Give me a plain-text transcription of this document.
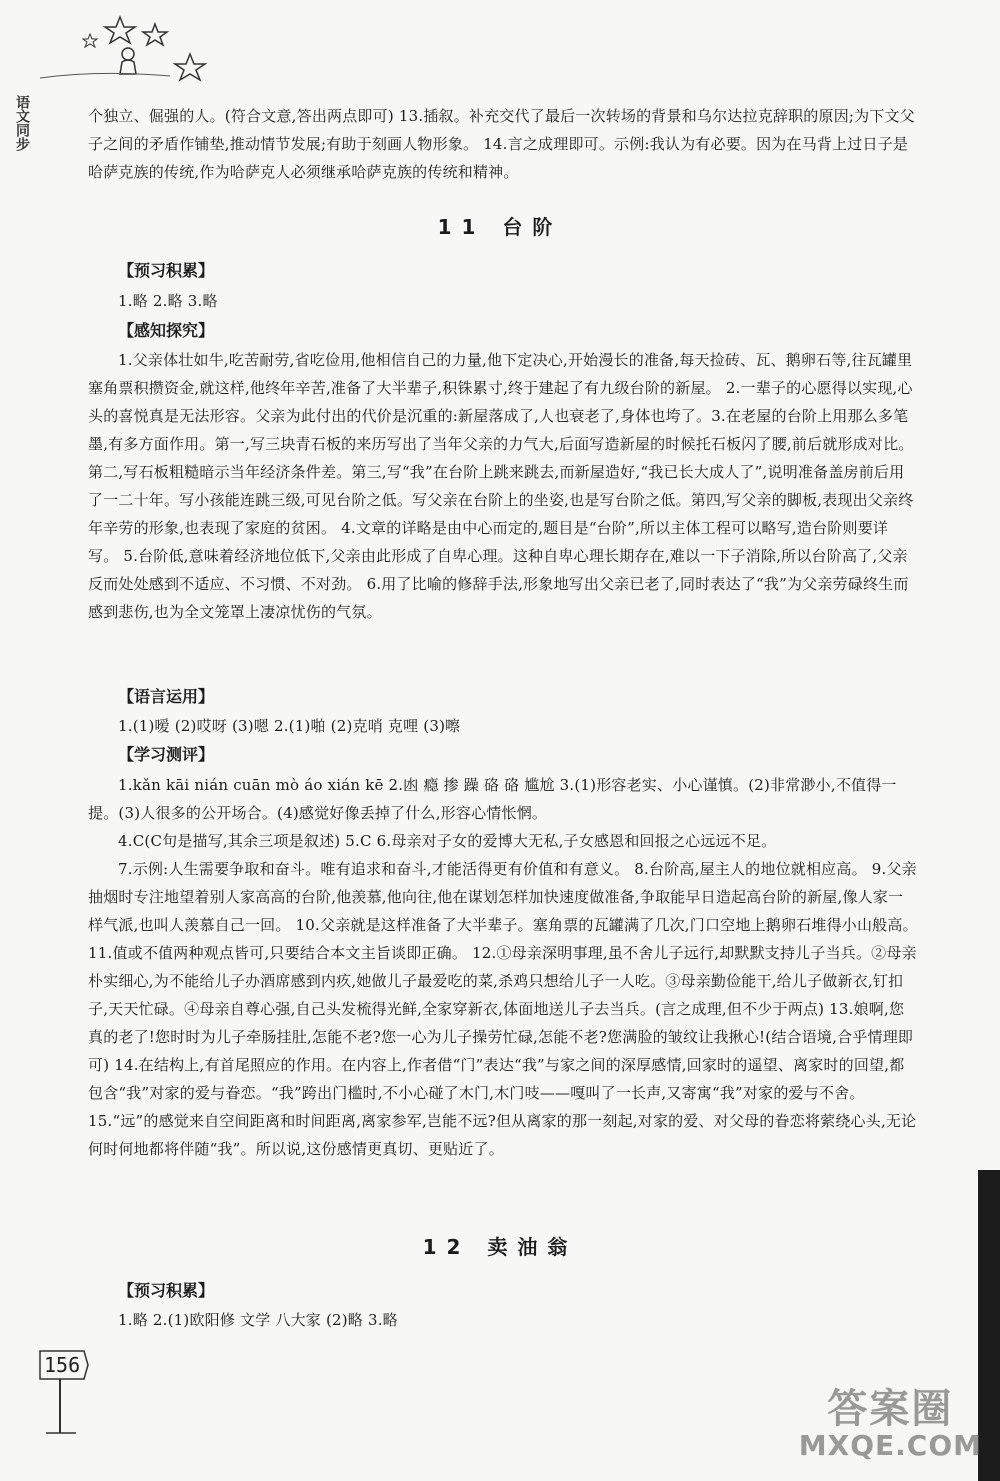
语文同步	个独立、倔强的人。(符合文意,答出两点即可) 13.插叙。补充交代了最后一次转场的背景和乌尔达拉克辞职的原因;为下文父子之间的矛盾作铺垫,推动情节发展;有助于刻画人物形象。 14.言之成理即可。示例:我认为有必要。因为在马背上过日子是哈萨克族的传统,作为哈萨克人必须继承哈萨克族的传统和精神。

11 台阶
【预习积累】
1.略 2.略 3.略
【感知探究】

1.父亲体壮如牛,吃苦耐劳,省吃俭用,他相信自己的力量,他下定决心,开始漫长的准备,每天捡砖、瓦、鹅卵石等,往瓦罐里塞角票积攒资金,就这样,他终年辛苦,准备了大半辈子,积铢累寸,终于建起了有九级台阶的新屋。 2.一辈子的心愿得以实现,心头的喜悦真是无法形容。父亲为此付出的代价是沉重的:新屋落成了,人也衰老了,身体也垮了。3.在老屋的台阶上用那么多笔墨,有多方面作用。第一,写三块青石板的来历写出了当年父亲的力气大,后面写造新屋的时候托石板闪了腰,前后就形成对比。第二,写石板粗糙暗示当年经济条件差。第三,写“我”在台阶上跳来跳去,而新屋造好,“我已长大成人了”,说明准备盖房前后用了一二十年。写小孩能连跳三级,可见台阶之低。写父亲在台阶上的坐姿,也是写台阶之低。第四,写父亲的脚板,表现出父亲终年辛劳的形象,也表现了家庭的贫困。 4.文章的详略是由中心而定的,题目是“台阶”,所以主体工程可以略写,造台阶则要详写。 5.台阶低,意味着经济地位低下,父亲由此形成了自卑心理。这种自卑心理长期存在,难以一下子消除,所以台阶高了,父亲反而处处感到不适应、不习惯、不对劲。 6.用了比喻的修辞手法,形象地写出父亲已老了,同时表达了“我”为父亲劳碌终生而感到悲伤,也为全文笼罩上凄凉忧伤的气氛。

【语言运用】
1.(1)嗳 (2)哎呀 (3)嗯 2.(1)啪 (2)克哨 克哩 (3)嚓
【学习测评】

1.kǎn kāi nián cuān mò áo xián kē 2.凼 瘾 掺 躁 硌 硌 尴尬 3.(1)形容老实、小心谨慎。(2)非常渺小,不值得一提。(3)人很多的公开场合。(4)感觉好像丢掉了什么,形容心情怅惘。

4.C(C句是描写,其余三项是叙述) 5.C 6.母亲对子女的爱博大无私,子女感恩和回报之心远远不足。

7.示例:人生需要争取和奋斗。唯有追求和奋斗,才能活得更有价值和有意义。 8.台阶高,屋主人的地位就相应高。 9.父亲抽烟时专注地望着别人家高高的台阶,他羡慕,他向往,他在谋划怎样加快速度做准备,争取能早日造起高台阶的新屋,像人家一样气派,也叫人羡慕自己一回。 10.父亲就是这样准备了大半辈子。塞角票的瓦罐满了几次,门口空地上鹅卵石堆得小山般高。 11.值或不值两种观点皆可,只要结合本文主旨谈即正确。 12.①母亲深明事理,虽不舍儿子远行,却默默支持儿子当兵。②母亲朴实细心,为不能给儿子办酒席感到内疚,她做儿子最爱吃的菜,杀鸡只想给儿子一人吃。③母亲勤俭能干,给儿子做新衣,钉扣子,天天忙碌。④母亲自尊心强,自己头发梳得光鲜,全家穿新衣,体面地送儿子去当兵。(言之成理,但不少于两点) 13.娘啊,您真的老了!您时时为儿子牵肠挂肚,怎能不老?您一心为儿子操劳忙碌,怎能不老?您满脸的皱纹让我揪心!(结合语境,合乎情理即可) 14.在结构上,有首尾照应的作用。在内容上,作者借“门”表达“我”与家之间的深厚感情,回家时的遥望、离家时的回望,都包含“我”对家的爱与眷恋。“我”跨出门槛时,不小心碰了木门,木门吱——嘎叫了一长声,又寄寓“我”对家的爱与不舍。

15.“远”的感觉来自空间距离和时间距离,离家参军,岂能不远?但从离家的那一刻起,对家的爱、对父母的眷恋将萦绕心头,无论何时何地都将伴随“我”。所以说,这份感情更真切、更贴近了。

12 卖油翁
【预习积累】
1.略 2.(1)欧阳修 文学 八大家 (2)略 3.略
156
答案圈
MXQE.COM
